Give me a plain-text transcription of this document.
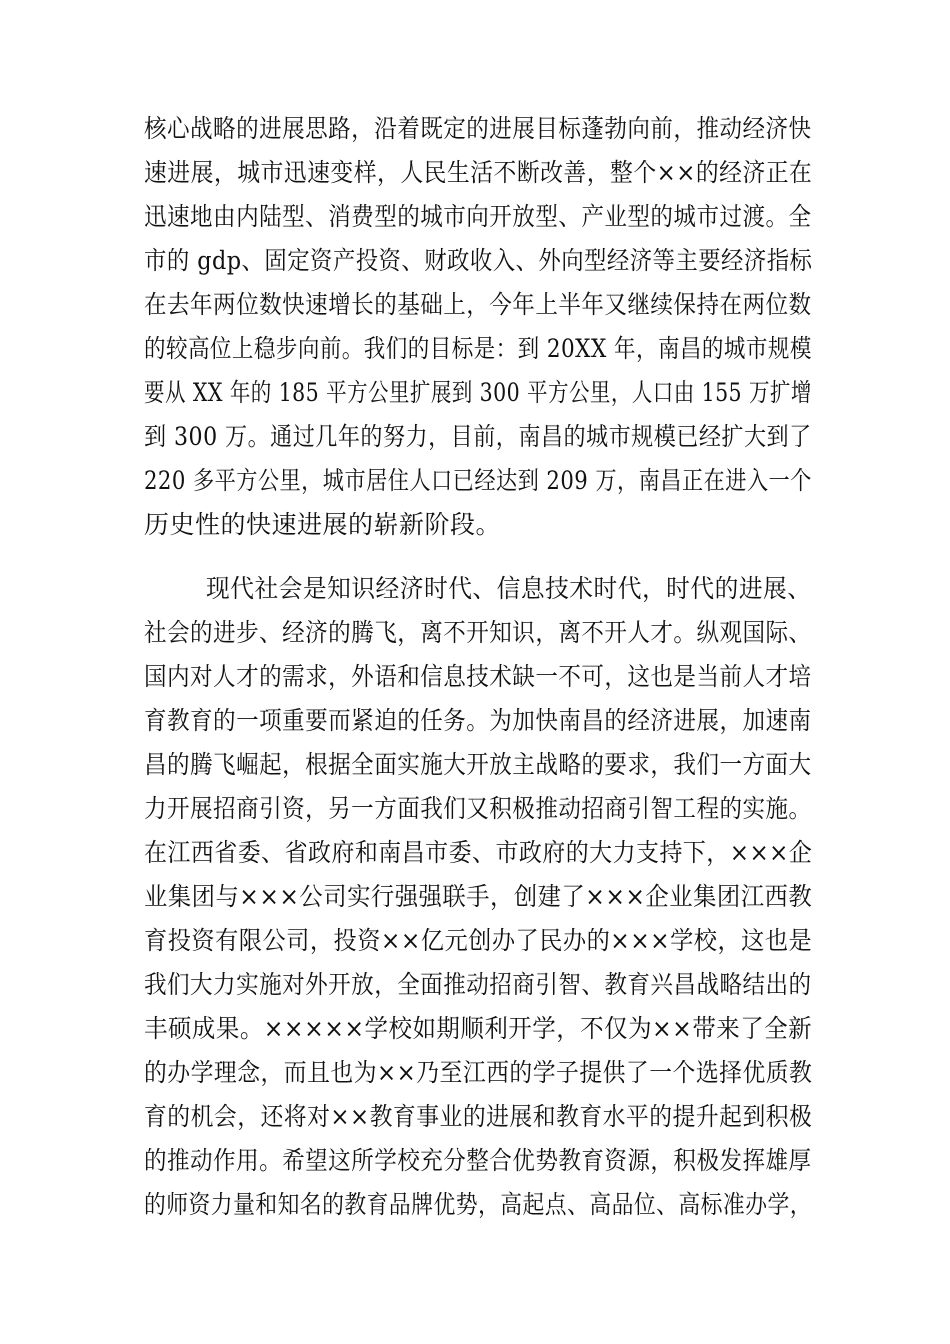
核心战略的进展思路，沿着既定的进展目标蓬勃向前，推动经济快
速进展，城市迅速变样，人民生活不断改善，整个××的经济正在
迅速地由内陆型、消费型的城市向开放型、产业型的城市过渡。全
市的 gdp、固定资产投资、财政收入、外向型经济等主要经济指标
在去年两位数快速增长的基础上，今年上半年又继续保持在两位数
的较高位上稳步向前。我们的目标是：到 20XX 年，南昌的城市规模
要从 XX 年的 185 平方公里扩展到 300 平方公里，人口由 155 万扩增
到 300 万。通过几年的努力，目前，南昌的城市规模已经扩大到了
220 多平方公里，城市居住人口已经达到 209 万，南昌正在进入一个
历史性的快速进展的崭新阶段。
现代社会是知识经济时代、信息技术时代，时代的进展、
社会的进步、经济的腾飞，离不开知识，离不开人才。纵观国际、
国内对人才的需求，外语和信息技术缺一不可，这也是当前人才培
育教育的一项重要而紧迫的任务。为加快南昌的经济进展，加速南
昌的腾飞崛起，根据全面实施大开放主战略的要求，我们一方面大
力开展招商引资，另一方面我们又积极推动招商引智工程的实施。
在江西省委、省政府和南昌市委、市政府的大力支持下，×××企
业集团与×××公司实行强强联手，创建了×××企业集团江西教
育投资有限公司，投资××亿元创办了民办的×××学校，这也是
我们大力实施对外开放，全面推动招商引智、教育兴昌战略结出的
丰硕成果。×××××学校如期顺利开学，不仅为××带来了全新
的办学理念，而且也为××乃至江西的学子提供了一个选择优质教
育的机会，还将对××教育事业的进展和教育水平的提升起到积极
的推动作用。希望这所学校充分整合优势教育资源，积极发挥雄厚
的师资力量和知名的教育品牌优势，高起点、高品位、高标准办学，
